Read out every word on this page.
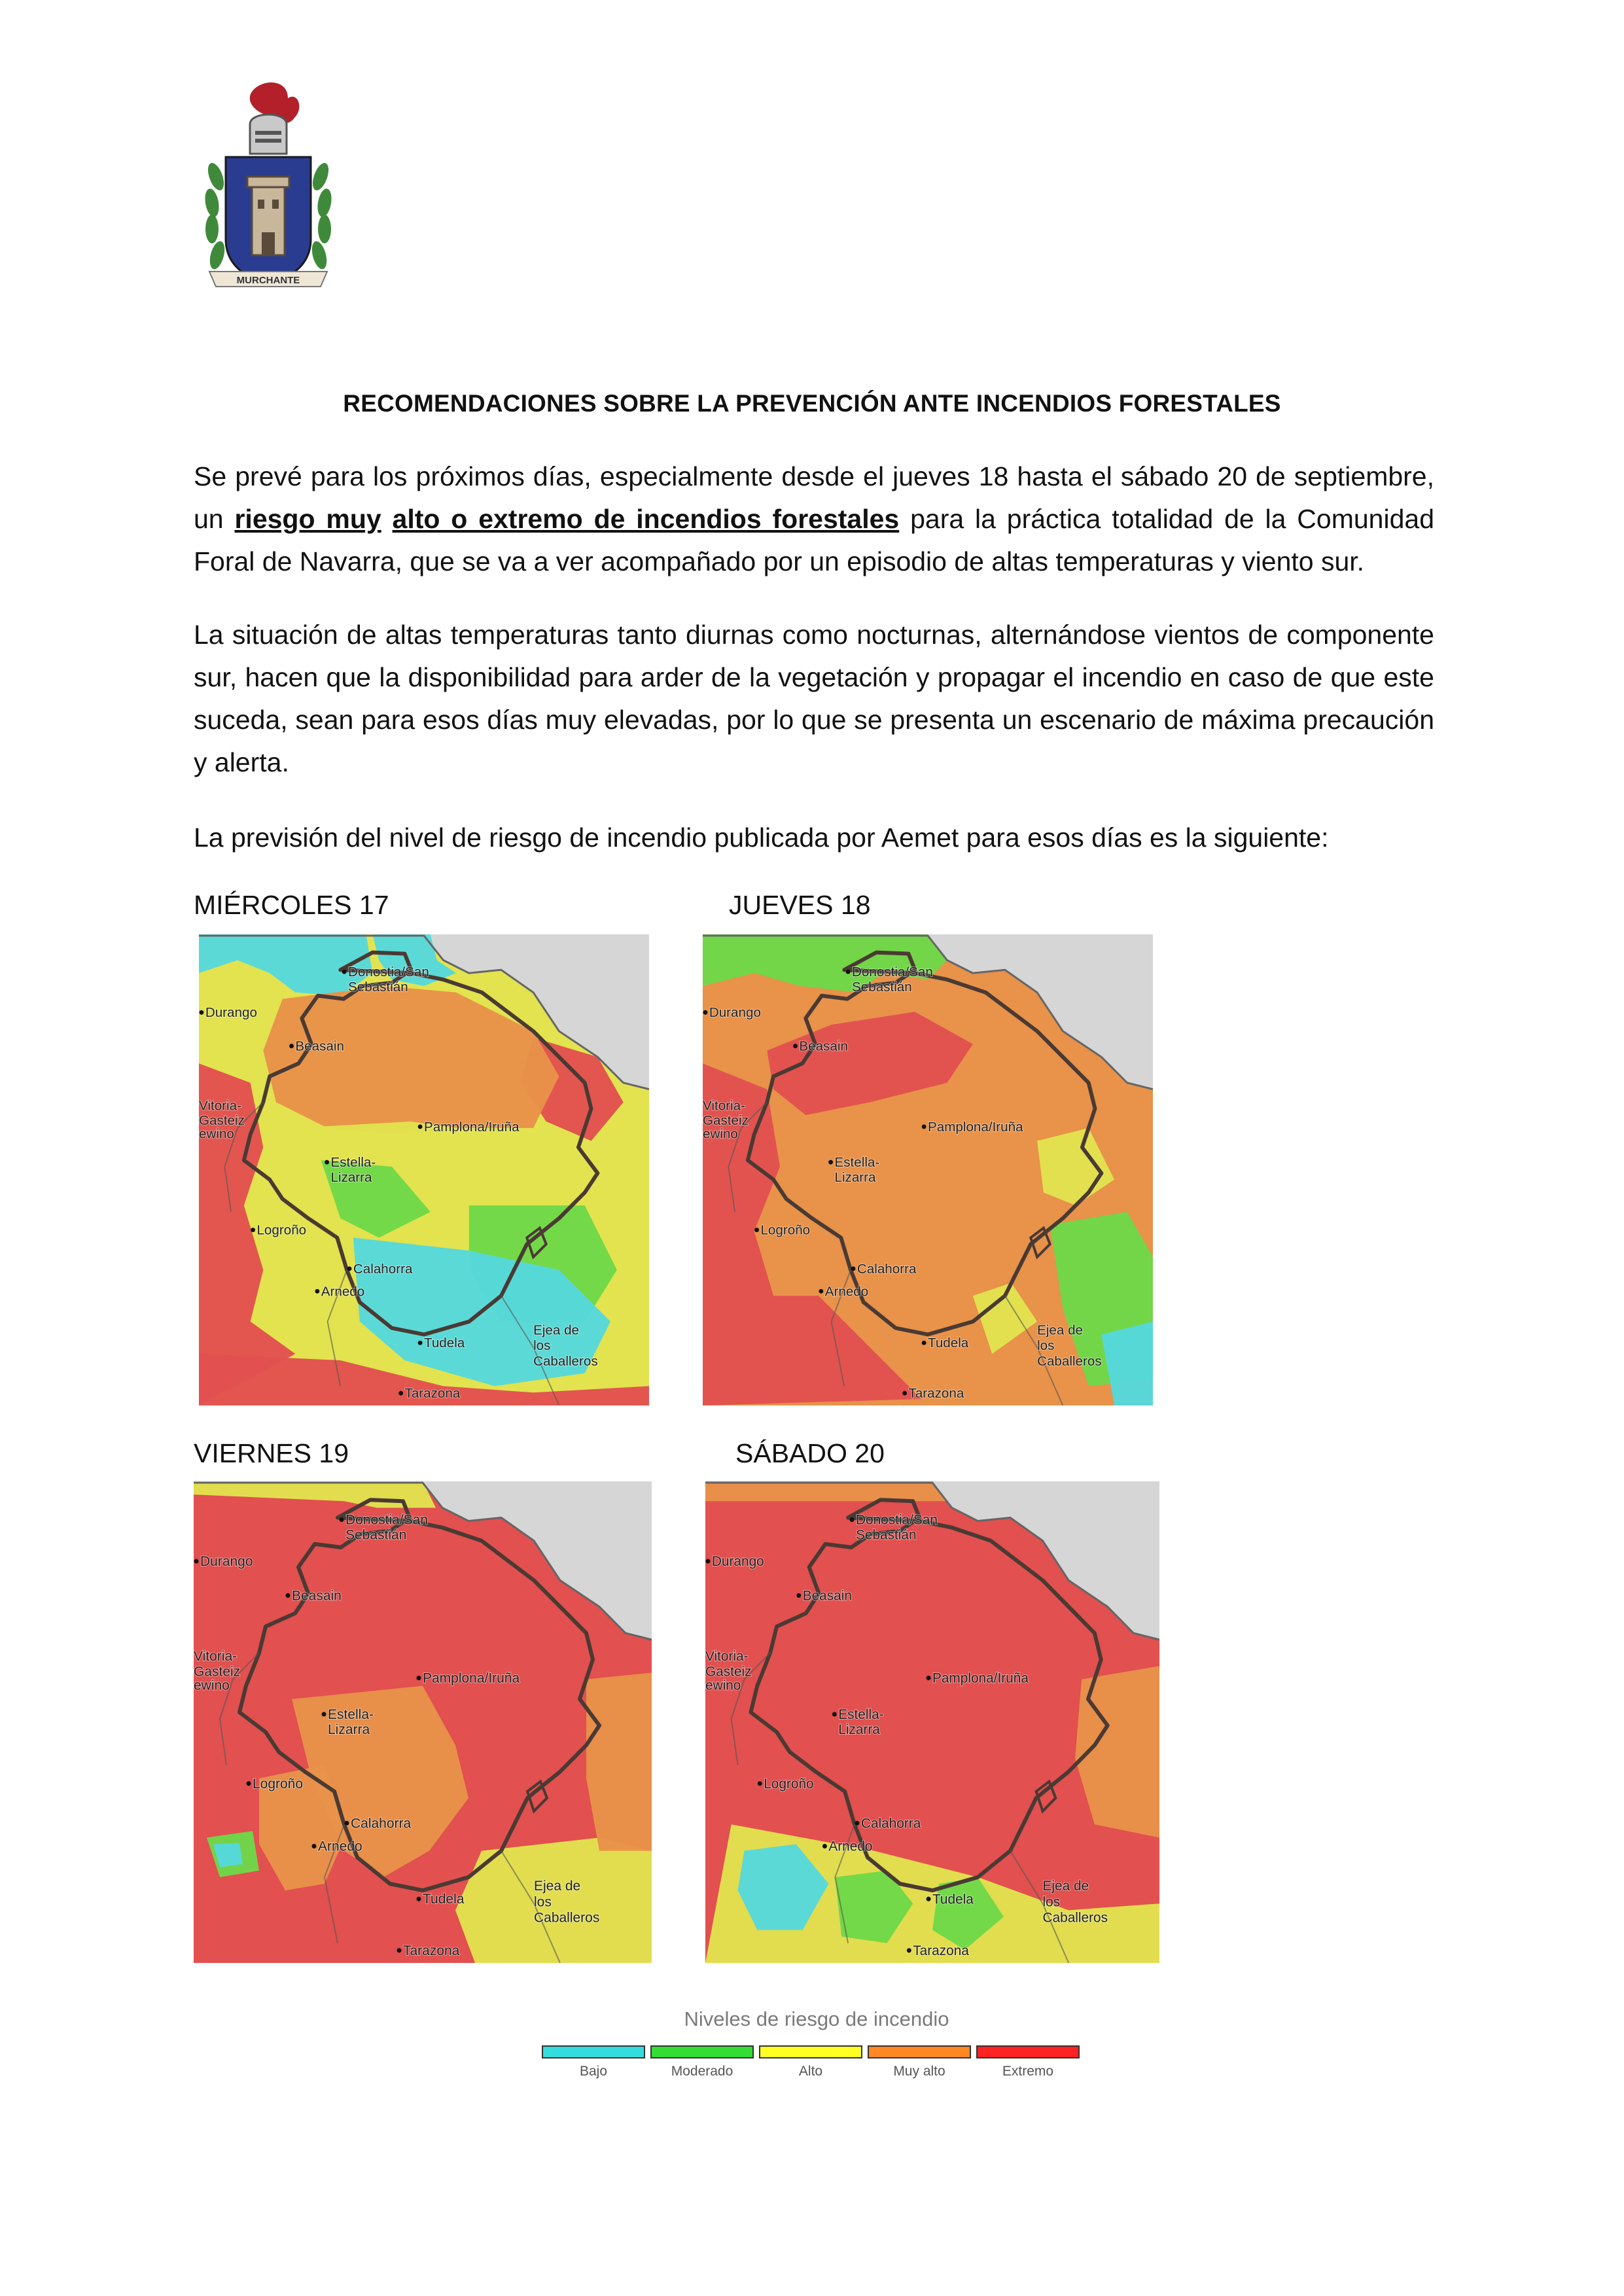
MURCHANTE
RECOMENDACIONES SOBRE LA PREVENCIÓN ANTE INCENDIOS FORESTALES
Se prevé para los próximos días, especialmente desde el jueves 18 hasta el sábado 20 de septiembre, un riesgo muy alto o extremo de incendios forestales para la práctica totalidad de la Comunidad Foral de Navarra, que se va a ver acompañado por un episodio de altas temperaturas y viento sur.
La situación de altas temperaturas tanto diurnas como nocturnas, alternándose vientos de componente sur, hacen que la disponibilidad para arder de la vegetación y propagar el incendio en caso de que este suceda, sean para esos días muy elevadas, por lo que se presenta un escenario de máxima precaución y alerta.
La previsión del nivel de riesgo de incendio publicada por Aemet para esos días es la siguiente:
MIÉRCOLES 17	JUEVES 18
VIERNES 19	SÁBADO 20
Donostia/San
Sebastián
Durango
Beasain
Vitoria-
Gasteiz
ewino	Pamplona/Iruña
Estella-
Lizarra
Logroño
Calahorra
Arnedo
Tudela
Ejea de
los
Caballeros
Tarazona
Donostia/San
Sebastián
Durango
Beasain
Vitoria-
Gasteiz
ewino	Pamplona/Iruña
Estella-
Lizarra
Logroño
Calahorra
Arnedo
Tudela
Ejea de
los
Caballeros
Tarazona
Donostia/San
Sebastián
Durango
Beasain
Vitoria-
Gasteiz
ewino	Pamplona/Iruña
Estella-
Lizarra
Logroño
Calahorra
Arnedo
Tudela
Ejea de
los
Caballeros
Tarazona
Donostia/San
Sebastián
Durango
Beasain
Vitoria-
Gasteiz
ewino	Pamplona/Iruña
Estella-
Lizarra
Logroño
Calahorra
Arnedo
Tudela
Ejea de
los
Caballeros
Tarazona
Niveles de riesgo de incendio
Bajo	Moderado	Alto	Muy alto	Extremo
